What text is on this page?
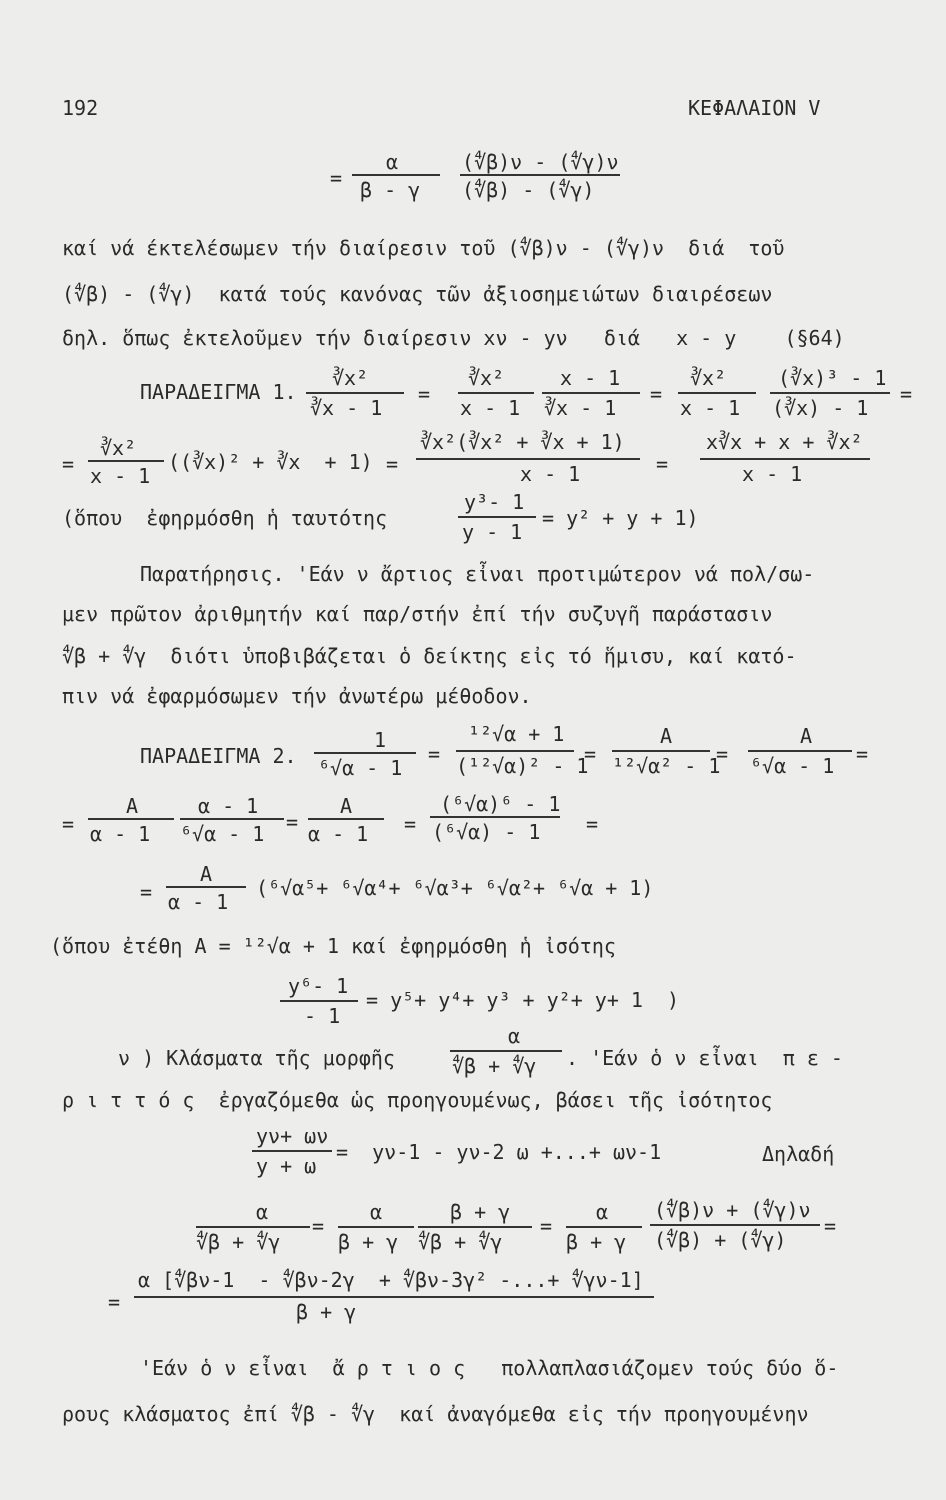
192	ΚΕΦΑΛΑΙΟΝ V
=
α
β - γ
(∜β)ν - (∜γ)ν
(∜β) - (∜γ)
καί νά έκτελέσωμεν τήν διαίρεσιν τοῦ (∜β)ν - (∜γ)ν  διά  τοῦ
(∜β) - (∜γ)  κατά τούς κανόνας τῶν ἀξιοσημειώτων διαιρέσεων
δηλ. ὅπως ἐκτελοῦμεν τήν διαίρεσιν xν - yν   διά   x - y    (§64)
ΠΑΡΑΔΕΙΓΜΑ 1.
∛x²
∛x - 1
=
∛x²
x - 1
x - 1
∛x - 1
=
∛x²
x - 1
(∛x)³ - 1
(∛x) - 1
=
=
∛x²
x - 1
((∛x)² + ∛x  + 1) =
∛x²(∛x² + ∛x + 1)
x - 1	=
x∛x + x + ∛x²
x - 1
(ὅπου  ἐφηρμόσθη ἡ ταυτότης
y³- 1
y - 1
= y² + y + 1)
Παρατήρησις. 'Εάν ν ἄρτιος εἶναι προτιμώτερον νά πολ/σω-
μεν πρῶτον ἀριθμητήν καί παρ/στήν ἐπί τήν συζυγῆ παράστασιν
∜β + ∜γ  διότι ὑποβιβάζεται ὁ δείκτης εἰς τό ἥμισυ, καί κατό-
πιν νά ἐφαρμόσωμεν τήν ἀνωτέρω μέθοδον.
ΠΑΡΑΔΕΙΓΜΑ 2.
1
⁶√α - 1
=
¹²√α + 1
(¹²√α)² - 1
=
A
¹²√α² - 1
=
A
⁶√α - 1 =
=
A
α - 1
α - 1
⁶√α - 1 =
A
α - 1 =
(⁶√α)⁶ - 1
(⁶√α) - 1 =
=
A
α - 1
(⁶√α⁵+ ⁶√α⁴+ ⁶√α³+ ⁶√α²+ ⁶√α + 1)
(ὅπου ἐτέθη A = ¹²√α + 1 καί ἐφηρμόσθη ἡ ἰσότης
y⁶- 1
- 1
= y⁵+ y⁴+ y³ + y²+ y+ 1  )
ν ) Κλάσματα τῆς μορφῆς
α
∜β + ∜γ . 'Εάν ὁ ν εἶναι  π ε -
ρ ι τ τ ό ς  ἐργαζόμεθα ὡς προηγουμένως, βάσει τῆς ἰσότητος
yν+ ων
y + ω
=  yν-1 - yν-2 ω +...+ ων-1	Δηλαδή
α
∜β + ∜γ
=
α
β + γ
β + γ
∜β + ∜γ
=
α
β + γ
(∜β)ν + (∜γ)ν
(∜β) + (∜γ)
=
=
α [∜βν-1  - ∜βν-2γ  + ∜βν-3γ² -...+ ∜γν-1]
β + γ
'Εάν ὁ ν εἶναι  ἄ ρ τ ι ο ς   πολλαπλασιάζομεν τούς δύο ὅ-
ρους κλάσματος ἐπί ∜β - ∜γ  καί ἀναγόμεθα εἰς τήν προηγουμένην
